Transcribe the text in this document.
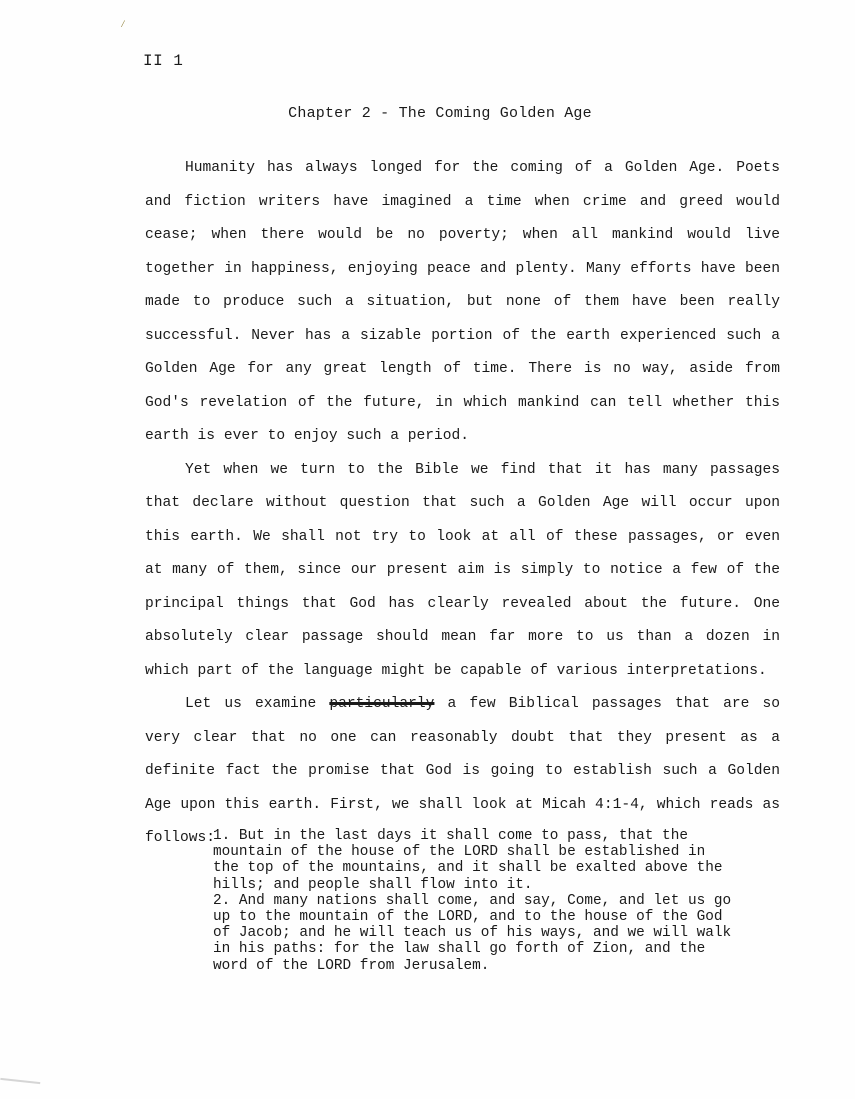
∕
II 1
Chapter 2 - The Coming Golden Age

Humanity has always longed for the coming of a Golden Age. Poets and fiction writers have imagined a time when crime and greed would cease; when there would be no poverty; when all mankind would live together in happiness, enjoying peace and plenty. Many efforts have been made to produce such a situation, but none of them have been really successful. Never has a sizable portion of the earth experienced such a Golden Age for any great length of time. There is no way, aside from God's revelation of the future, in which mankind can tell whether this earth is ever to enjoy such a period.

Yet when we turn to the Bible we find that it has many passages that declare without question that such a Golden Age will occur upon this earth. We shall not try to look at all of these passages, or even at many of them, since our present aim is simply to notice a few of the principal things that God has clearly revealed about the future. One absolutely clear passage should mean far more to us than a dozen in which part of the language might be capable of various interpretations.

Let us examine particularly a few Biblical passages that are so very clear that no one can reasonably doubt that they present as a definite fact the promise that God is going to establish such a Golden Age upon this earth. First, we shall look at Micah 4:1-4, which reads as follows:

1. But in the last days it shall come to pass, that the mountain of the house of the LORD shall be established in the top of the mountains, and it shall be exalted above the hills; and people shall flow into it.

2. And many nations shall come, and say, Come, and let us go up to the mountain of the LORD, and to the house of the God of Jacob; and he will teach us of his ways, and we will walk in his paths: for the law shall go forth of Zion, and the word of the LORD from Jerusalem.
